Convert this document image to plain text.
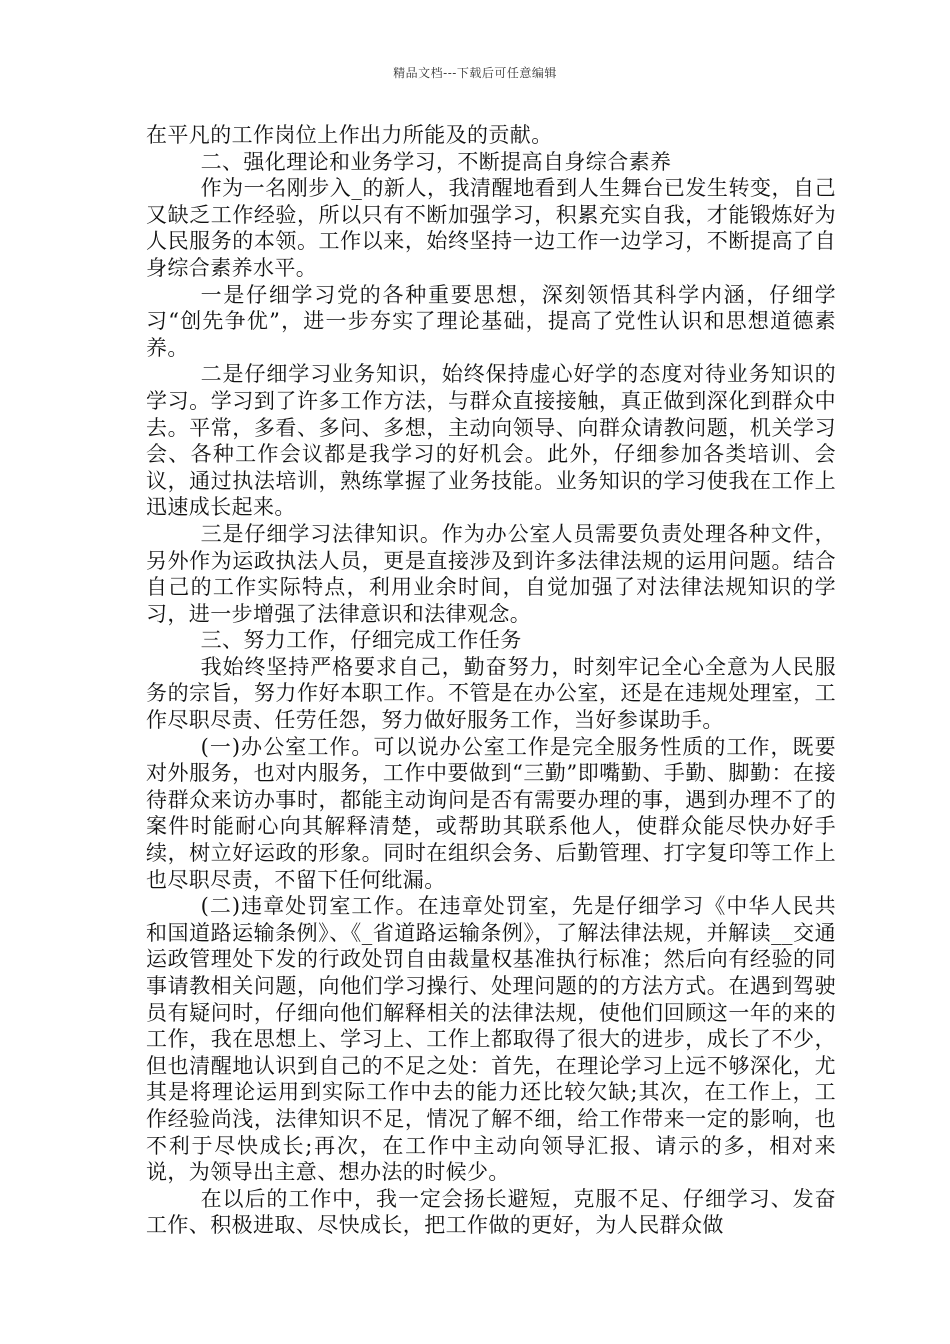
精品文档---下载后可任意编辑

在平凡的工作岗位上作出力所能及的贡献。

二、强化理论和业务学习，不断提高自身综合素养

作为一名刚步入_的新人，我清醒地看到人生舞台已发生转变，自己又缺乏工作经验，所以只有不断加强学习，积累充实自我，才能锻炼好为人民服务的本领。工作以来，始终坚持一边工作一边学习，不断提高了自身综合素养水平。

一是仔细学习党的各种重要思想，深刻领悟其科学内涵，仔细学习“创先争优”，进一步夯实了理论基础，提高了党性认识和思想道德素养。

二是仔细学习业务知识，始终保持虚心好学的态度对待业务知识的学习。学习到了许多工作方法，与群众直接接触，真正做到深化到群众中去。平常，多看、多问、多想，主动向领导、向群众请教问题，机关学习会、各种工作会议都是我学习的好机会。此外，仔细参加各类培训、会议，通过执法培训，熟练掌握了业务技能。业务知识的学习使我在工作上迅速成长起来。

三是仔细学习法律知识。作为办公室人员需要负责处理各种文件，另外作为运政执法人员，更是直接涉及到许多法律法规的运用问题。结合自己的工作实际特点，利用业余时间，自觉加强了对法律法规知识的学习，进一步增强了法律意识和法律观念。

三、努力工作，仔细完成工作任务

我始终坚持严格要求自己，勤奋努力，时刻牢记全心全意为人民服务的宗旨，努力作好本职工作。不管是在办公室，还是在违规处理室，工作尽职尽责、任劳任怨，努力做好服务工作，当好参谋助手。

(一)办公室工作。可以说办公室工作是完全服务性质的工作，既要对外服务，也对内服务，工作中要做到“三勤”即嘴勤、手勤、脚勤：在接待群众来访办事时，都能主动询问是否有需要办理的事，遇到办理不了的案件时能耐心向其解释清楚，或帮助其联系他人，使群众能尽快办好手续，树立好运政的形象。同时在组织会务、后勤管理、打字复印等工作上也尽职尽责，不留下任何纰漏。

(二)违章处罚室工作。在违章处罚室，先是仔细学习《中华人民共和国道路运输条例》、《_省道路运输条例》，了解法律法规，并解读__交通运政管理处下发的行政处罚自由裁量权基准执行标准；然后向有经验的同事请教相关问题，向他们学习操行、处理问题的的方法方式。在遇到驾驶员有疑问时，仔细向他们解释相关的法律法规，使他们回顾这一年的来的工作，我在思想上、学习上、工作上都取得了很大的进步，成长了不少，但也清醒地认识到自己的不足之处：首先，在理论学习上远不够深化，尤其是将理论运用到实际工作中去的能力还比较欠缺;其次，在工作上，工作经验尚浅，法律知识不足，情况了解不细，给工作带来一定的影响，也不利于尽快成长;再次，在工作中主动向领导汇报、请示的多，相对来说，为领导出主意、想办法的时候少。

在以后的工作中，我一定会扬长避短，克服不足、仔细学习、发奋工作、积极进取、尽快成长，把工作做的更好，为人民群众做
